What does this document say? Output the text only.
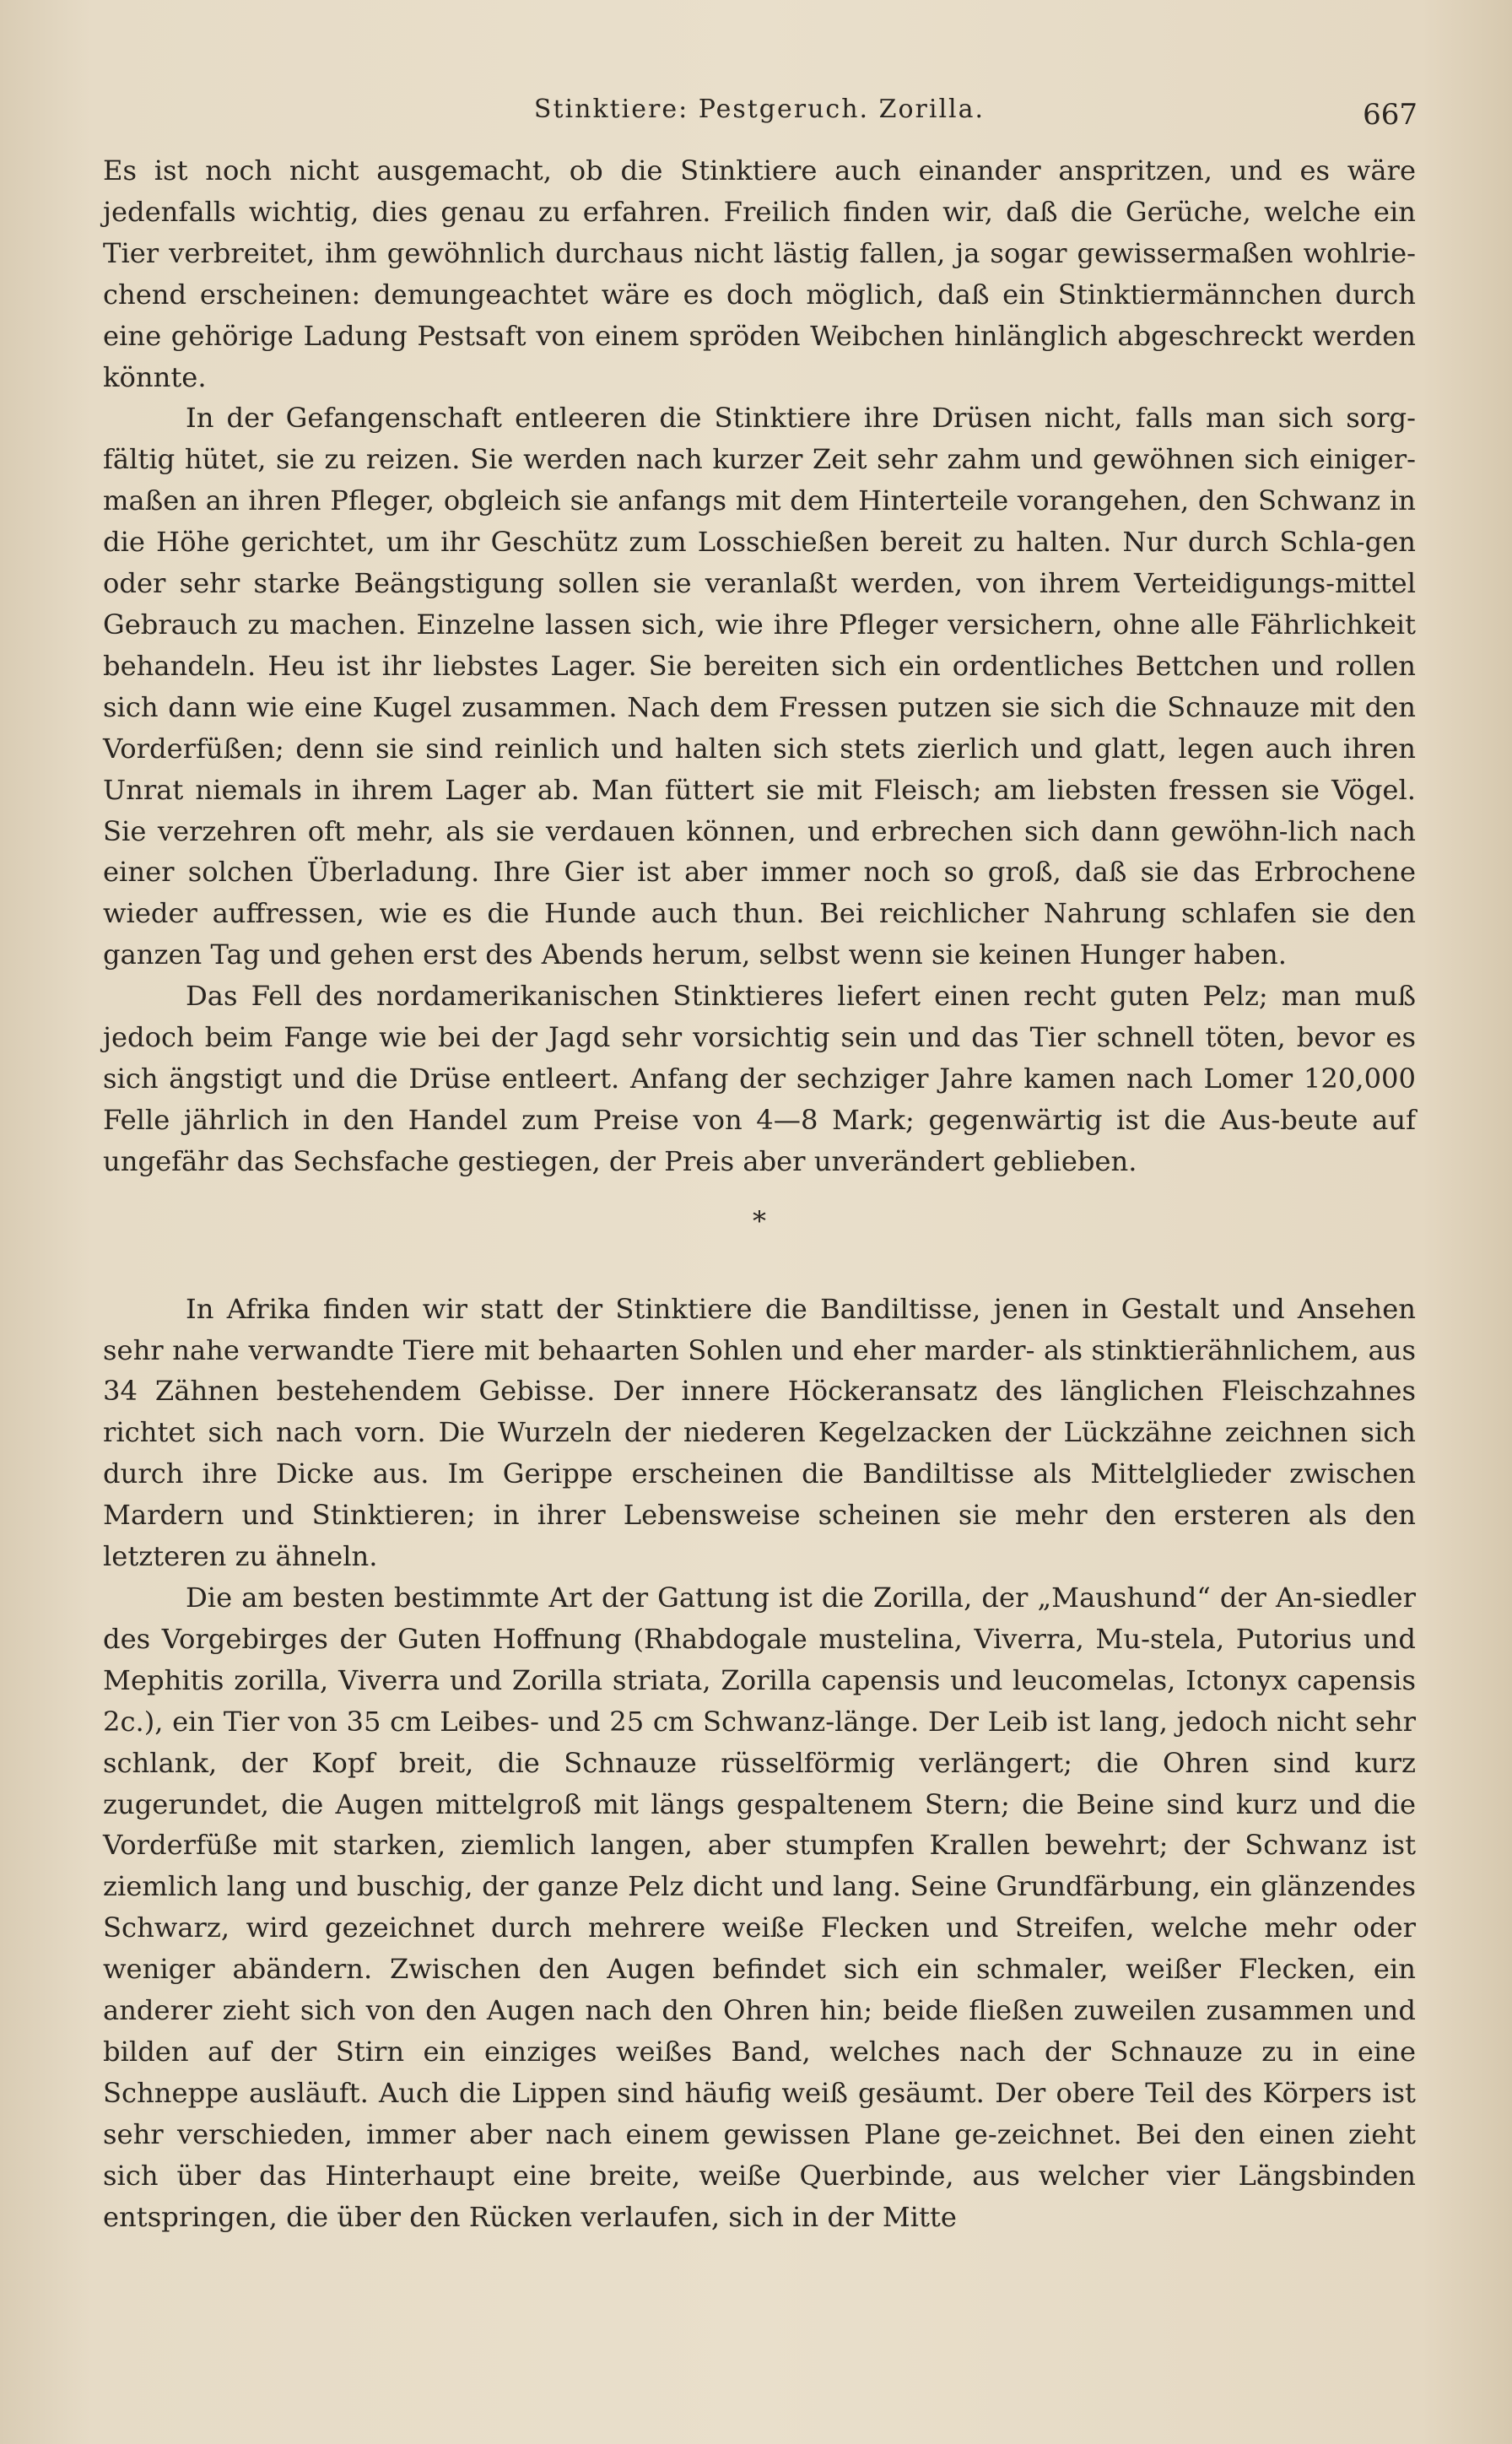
Stinktiere: Pestgeruch. Zorilla.	667

Es ist noch nicht ausgemacht, ob die Stinktiere auch einander anspritzen, und es wäre jedenfalls wichtig, dies genau zu erfahren. Freilich finden wir, daß die Gerüche, welche ein Tier verbreitet, ihm gewöhnlich durchaus nicht lästig fallen, ja sogar gewissermaßen wohlrie-chend erscheinen: demungeachtet wäre es doch möglich, daß ein Stinktiermännchen durch eine gehörige Ladung Pestsaft von einem spröden Weibchen hinlänglich abgeschreckt werden könnte.

In der Gefangenschaft entleeren die Stinktiere ihre Drüsen nicht, falls man sich sorg-fältig hütet, sie zu reizen. Sie werden nach kurzer Zeit sehr zahm und gewöhnen sich einiger-maßen an ihren Pfleger, obgleich sie anfangs mit dem Hinterteile vorangehen, den Schwanz in die Höhe gerichtet, um ihr Geschütz zum Losschießen bereit zu halten. Nur durch Schla-gen oder sehr starke Beängstigung sollen sie veranlaßt werden, von ihrem Verteidigungs-mittel Gebrauch zu machen. Einzelne lassen sich, wie ihre Pfleger versichern, ohne alle Fährlichkeit behandeln. Heu ist ihr liebstes Lager. Sie bereiten sich ein ordentliches Bettchen und rollen sich dann wie eine Kugel zusammen. Nach dem Fressen putzen sie sich die Schnauze mit den Vorderfüßen; denn sie sind reinlich und halten sich stets zierlich und glatt, legen auch ihren Unrat niemals in ihrem Lager ab. Man füttert sie mit Fleisch; am liebsten fressen sie Vögel. Sie verzehren oft mehr, als sie verdauen können, und erbrechen sich dann gewöhn-lich nach einer solchen Überladung. Ihre Gier ist aber immer noch so groß, daß sie das Erbrochene wieder auffressen, wie es die Hunde auch thun. Bei reichlicher Nahrung schlafen sie den ganzen Tag und gehen erst des Abends herum, selbst wenn sie keinen Hunger haben.

Das Fell des nordamerikanischen Stinktieres liefert einen recht guten Pelz; man muß jedoch beim Fange wie bei der Jagd sehr vorsichtig sein und das Tier schnell töten, bevor es sich ängstigt und die Drüse entleert. Anfang der sechziger Jahre kamen nach Lomer 120,000 Felle jährlich in den Handel zum Preise von 4—8 Mark; gegenwärtig ist die Aus-beute auf ungefähr das Sechsfache gestiegen, der Preis aber unverändert geblieben.

*

In Afrika finden wir statt der Stinktiere die Bandiltisse, jenen in Gestalt und Ansehen sehr nahe verwandte Tiere mit behaarten Sohlen und eher marder- als stinktierähnlichem, aus 34 Zähnen bestehendem Gebisse. Der innere Höckeransatz des länglichen Fleischzahnes richtet sich nach vorn. Die Wurzeln der niederen Kegelzacken der Lückzähne zeichnen sich durch ihre Dicke aus. Im Gerippe erscheinen die Bandiltisse als Mittelglieder zwischen Mardern und Stinktieren; in ihrer Lebensweise scheinen sie mehr den ersteren als den letzteren zu ähneln.

Die am besten bestimmte Art der Gattung ist die Zorilla, der „Maushund“ der An-siedler des Vorgebirges der Guten Hoffnung (Rhabdogale mustelina, Viverra, Mu-stela, Putorius und Mephitis zorilla, Viverra und Zorilla striata, Zorilla capensis und leucomelas, Ictonyx capensis 2c.), ein Tier von 35 cm Leibes- und 25 cm Schwanz-länge. Der Leib ist lang, jedoch nicht sehr schlank, der Kopf breit, die Schnauze rüsselförmig verlängert; die Ohren sind kurz zugerundet, die Augen mittelgroß mit längs gespaltenem Stern; die Beine sind kurz und die Vorderfüße mit starken, ziemlich langen, aber stumpfen Krallen bewehrt; der Schwanz ist ziemlich lang und buschig, der ganze Pelz dicht und lang. Seine Grundfärbung, ein glänzendes Schwarz, wird gezeichnet durch mehrere weiße Flecken und Streifen, welche mehr oder weniger abändern. Zwischen den Augen befindet sich ein schmaler, weißer Flecken, ein anderer zieht sich von den Augen nach den Ohren hin; beide fließen zuweilen zusammen und bilden auf der Stirn ein einziges weißes Band, welches nach der Schnauze zu in eine Schneppe ausläuft. Auch die Lippen sind häufig weiß gesäumt. Der obere Teil des Körpers ist sehr verschieden, immer aber nach einem gewissen Plane ge-zeichnet. Bei den einen zieht sich über das Hinterhaupt eine breite, weiße Querbinde, aus welcher vier Längsbinden entspringen, die über den Rücken verlaufen, sich in der Mitte
